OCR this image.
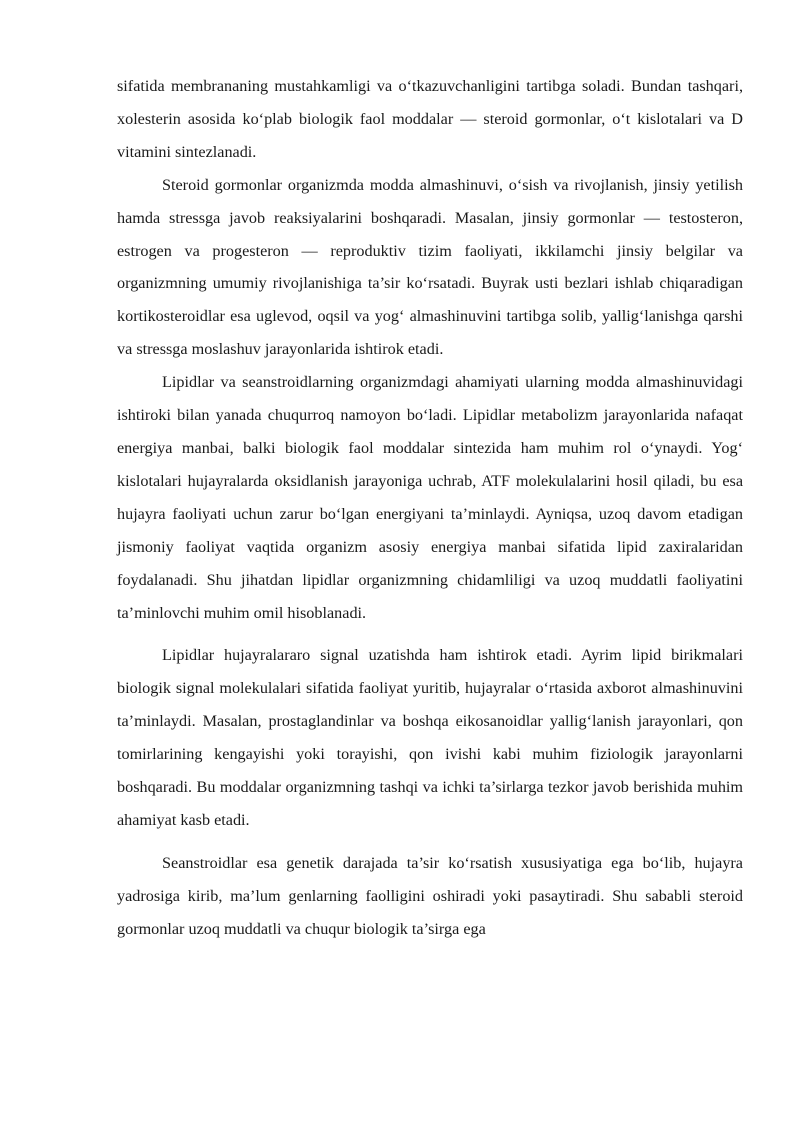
sifatida membrananing mustahkamligi va o‘tkazuvchanligini tartibga soladi. Bundan tashqari, xolesterin asosida ko‘plab biologik faol moddalar — steroid gormonlar, o‘t kislotalari va D vitamini sintezlanadi.

Steroid gormonlar organizmda modda almashinuvi, o‘sish va rivojlanish, jinsiy yetilish hamda stressga javob reaksiyalarini boshqaradi. Masalan, jinsiy gormonlar — testosteron, estrogen va progesteron — reproduktiv tizim faoliyati, ikkilamchi jinsiy belgilar va organizmning umumiy rivojlanishiga ta’sir ko‘rsatadi. Buyrak usti bezlari ishlab chiqaradigan kortikosteroidlar esa uglevod, oqsil va yog‘ almashinuvini tartibga solib, yallig‘lanishga qarshi va stressga moslashuv jarayonlarida ishtirok etadi.

Lipidlar va seanstroidlarning organizmdagi ahamiyati ularning modda almashinuvidagi ishtiroki bilan yanada chuqurroq namoyon bo‘ladi. Lipidlar metabolizm jarayonlarida nafaqat energiya manbai, balki biologik faol moddalar sintezida ham muhim rol o‘ynaydi. Yog‘ kislotalari hujayralarda oksidlanish jarayoniga uchrab, ATF molekulalarini hosil qiladi, bu esa hujayra faoliyati uchun zarur bo‘lgan energiyani ta’minlaydi. Ayniqsa, uzoq davom etadigan jismoniy faoliyat vaqtida organizm asosiy energiya manbai sifatida lipid zaxiralaridan foydalanadi. Shu jihatdan lipidlar organizmning chidamliligi va uzoq muddatli faoliyatini ta’minlovchi muhim omil hisoblanadi.

Lipidlar hujayralararo signal uzatishda ham ishtirok etadi. Ayrim lipid birikmalari biologik signal molekulalari sifatida faoliyat yuritib, hujayralar o‘rtasida axborot almashinuvini ta’minlaydi. Masalan, prostaglandinlar va boshqa eikosanoidlar yallig‘lanish jarayonlari, qon tomirlarining kengayishi yoki torayishi, qon ivishi kabi muhim fiziologik jarayonlarni boshqaradi. Bu moddalar organizmning tashqi va ichki ta’sirlarga tezkor javob berishida muhim ahamiyat kasb etadi.

Seanstroidlar esa genetik darajada ta’sir ko‘rsatish xususiyatiga ega bo‘lib, hujayra yadrosiga kirib, ma’lum genlarning faolligini oshiradi yoki pasaytiradi. Shu sababli steroid gormonlar uzoq muddatli va chuqur biologik ta’sirga ega
